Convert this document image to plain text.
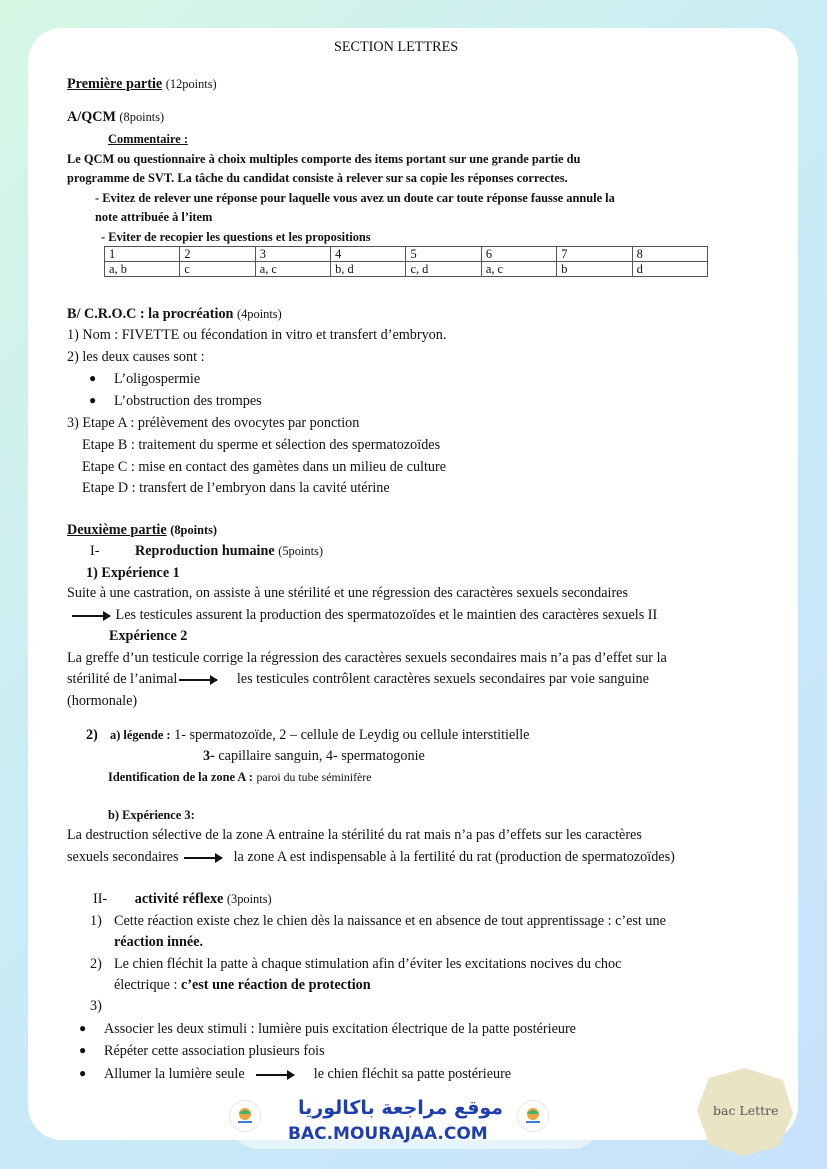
SECTION LETTRES
Première partie (12points)
A/QCM (8points)
Commentaire :
Le QCM ou questionnaire à choix multiples comporte des items portant sur une grande partie du
programme de SVT. La tâche du candidat consiste à relever sur sa copie les réponses correctes.
- Evitez de relever une réponse pour laquelle vous avez un doute car toute réponse fausse annule la
note attribuée à l’item
- Eviter de recopier les questions et les propositions
1	2	3	4	5	6	7	8
a, b	c	a, c	b, d	c, d	a, c	b	d
B/ C.R.O.C : la procréation (4points)
1) Nom : FIVETTE ou fécondation in vitro et transfert d’embryon.
2) les deux causes sont :
● L’oligospermie
● L’obstruction des trompes
3) Etape A : prélèvement des ovocytes par ponction
Etape B : traitement du sperme et sélection des spermatozoïdes
Etape C : mise en contact des gamètes dans un milieu de culture
Etape D : transfert de l’embryon dans la cavité utérine
Deuxième partie (8points)
I-	Reproduction humaine (5points)
1) Expérience 1
Suite à une castration, on assiste à une stérilité et une régression des caractères sexuels secondaires
Les testicules assurent la production des spermatozoïdes et le maintien des caractères sexuels II
Expérience 2
La greffe d’un testicule corrige la régression des caractères sexuels secondaires mais n’a pas d’effet sur la
stérilité de l’animal	les testicules contrôlent caractères sexuels secondaires par voie sanguine
(hormonale)
2) a) légende : 1- spermatozoïde, 2 – cellule de Leydig ou cellule interstitielle
3- capillaire sanguin, 4- spermatogonie
Identification de la zone A : paroi du tube séminifère
b) Expérience 3:
La destruction sélective de la zone A entraine la stérilité du rat mais n’a pas d’effets sur les caractères
sexuels secondaires	la zone A est indispensable à la fertilité du rat (production de spermatozoïdes)
II- activité réflexe (3points)
1) Cette réaction existe chez le chien dès la naissance et en absence de tout apprentissage : c’est une
réaction innée.
2) Le chien fléchit la patte à chaque stimulation afin d’éviter les excitations nocives du choc
électrique : c’est une réaction de protection
3)
● Associer les deux stimuli : lumière puis excitation électrique de la patte postérieure
● Répéter cette association plusieurs fois
● Allumer la lumière seule	le chien fléchit sa patte postérieure
موقع مراجعة باكالوريا
BAC.MOURAJAA.COM
bac Lettre
